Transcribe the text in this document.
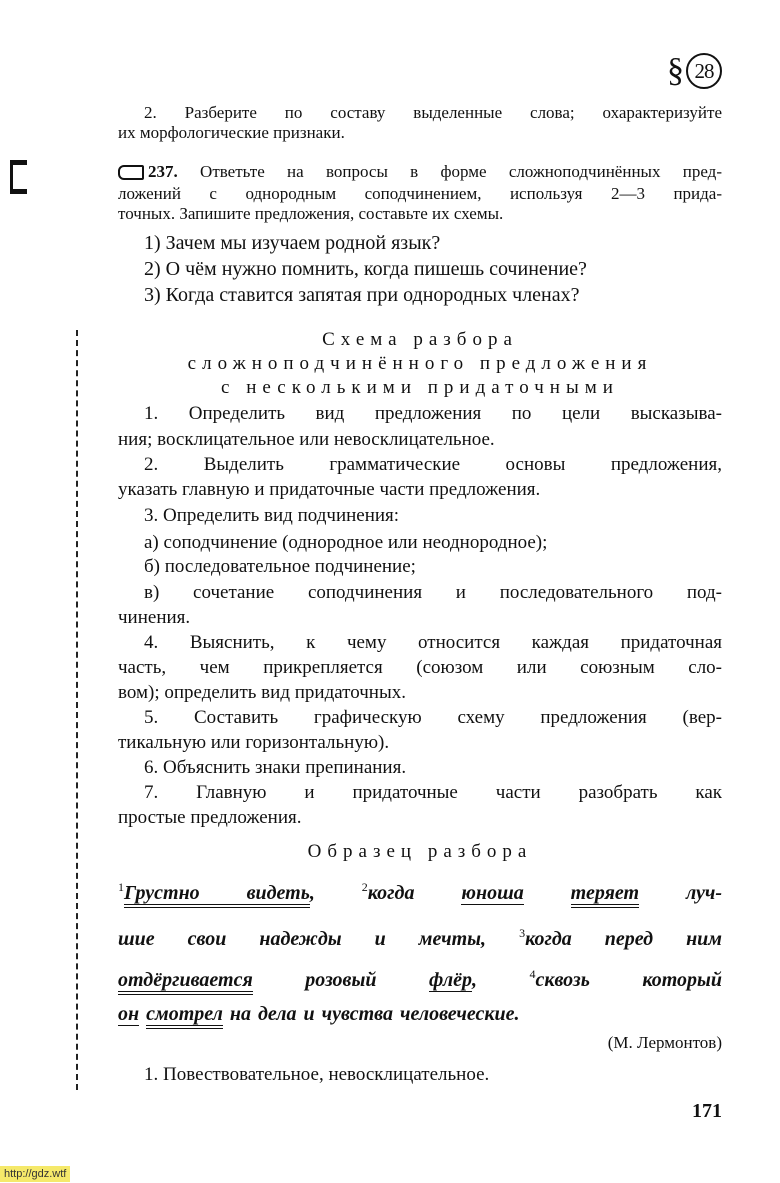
§ 28
2. Разберите по составу выделенные слова; охарактеризуйте
их морфологические признаки.
237. Ответьте на вопросы в форме сложноподчинённых пред-
ложений с однородным соподчинением, используя 2—3 прида-
точных. Запишите предложения, составьте их схемы.
1) Зачем мы изучаем родной язык?
2) О чём нужно помнить, когда пишешь сочинение?
3) Когда ставится запятая при однородных членах?
Схема разбора
сложноподчинённого предложения
с несколькими придаточными
1. Определить вид предложения по цели высказыва-
ния; восклицательное или невосклицательное.
2. Выделить грамматические основы предложения,
указать главную и придаточные части предложения.
3. Определить вид подчинения:
а) соподчинение (однородное или неоднородное);
б) последовательное подчинение;
в) сочетание соподчинения и последовательного под-
чинения.
4. Выяснить, к чему относится каждая придаточная
часть, чем прикрепляется (союзом или союзным сло-
вом); определить вид придаточных.
5. Составить графическую схему предложения (вер-
тикальную или горизонтальную).
6. Объяснить знаки препинания.
7. Главную и придаточные части разобрать как
простые предложения.
Образец разбора
$^1$Грустно видеть,	$^2$когда юноша теряет луч-
шие свои надежды и мечты,	$^3$когда перед ним
отдёргивается	розовый	флёр,	$^4$сквозь который
он смотрел на дела и чувства человеческие.
(М. Лермонтов)
1. Повествовательное, невосклицательное.
171
http://gdz.wtf
